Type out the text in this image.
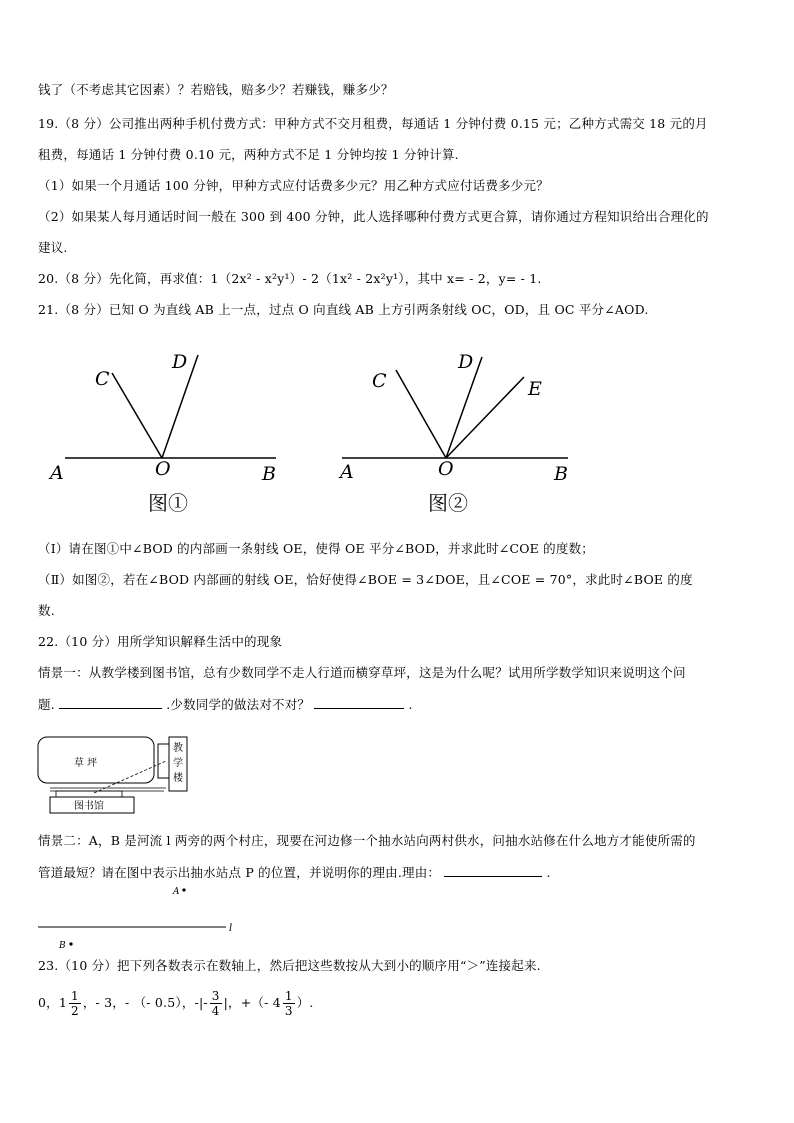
钱了（不考虑其它因素）？若赔钱，赔多少？若赚钱，赚多少？
19.（8 分）公司推出两种手机付费方式：甲种方式不交月租费，每通话 1 分钟付费 0.15 元；乙种方式需交 18 元的月
租费，每通话 1 分钟付费 0.10 元，两种方式不足 1 分钟均按 1 分钟计算.
（1）如果一个月通话 100 分钟，甲种方式应付话费多少元？用乙种方式应付话费多少元？
（2）如果某人每月通话时间一般在 300 到 400 分钟，此人选择哪种付费方式更合算，请你通过方程知识给出合理化的
建议.
20.（8 分）先化简，再求值：1（2x² - x²y¹）- 2（1x² - 2x²y¹），其中 x= - 2，y= - 1.
21.（8 分）已知 O 为直线 AB 上一点，过点 O 向直线 AB 上方引两条射线 OC，OD，且 OC 平分∠AOD.
C
D
A	O	B
图①
C
D
E
A	O	B
图②
（Ⅰ）请在图①中∠BOD 的内部画一条射线 OE，使得 OE 平分∠BOD，并求此时∠COE 的度数；
（Ⅱ）如图②，若在∠BOD 内部画的射线 OE，恰好使得∠BOE = 3∠DOE，且∠COE = 70°，求此时∠BOE 的度
数.
22.（10 分）用所学知识解释生活中的现象
情景一：从教学楼到图书馆，总有少数同学不走人行道而横穿草坪，这是为什么呢？试用所学数学知识来说明这个问
题.	.少数同学的做法对不对？	.
草 坪
教
学
楼
图书馆
情景二：A，B 是河流 l 两旁的两个村庄，现要在河边修一个抽水站向两村供水，问抽水站修在什么地方才能使所需的
管道最短？请在图中表示出抽水站点 P 的位置，并说明你的理由.理由：	.
A
l
B
23.（10 分）把下列各数表示在数轴上，然后把这些数按从大到小的顺序用“＞”连接起来.
0，$1 \frac{1}{2}$ ，- 3，- （- 0.5），-|- $\frac{3}{4}$ |，+（- $4 \frac{1}{3}$ ）.
